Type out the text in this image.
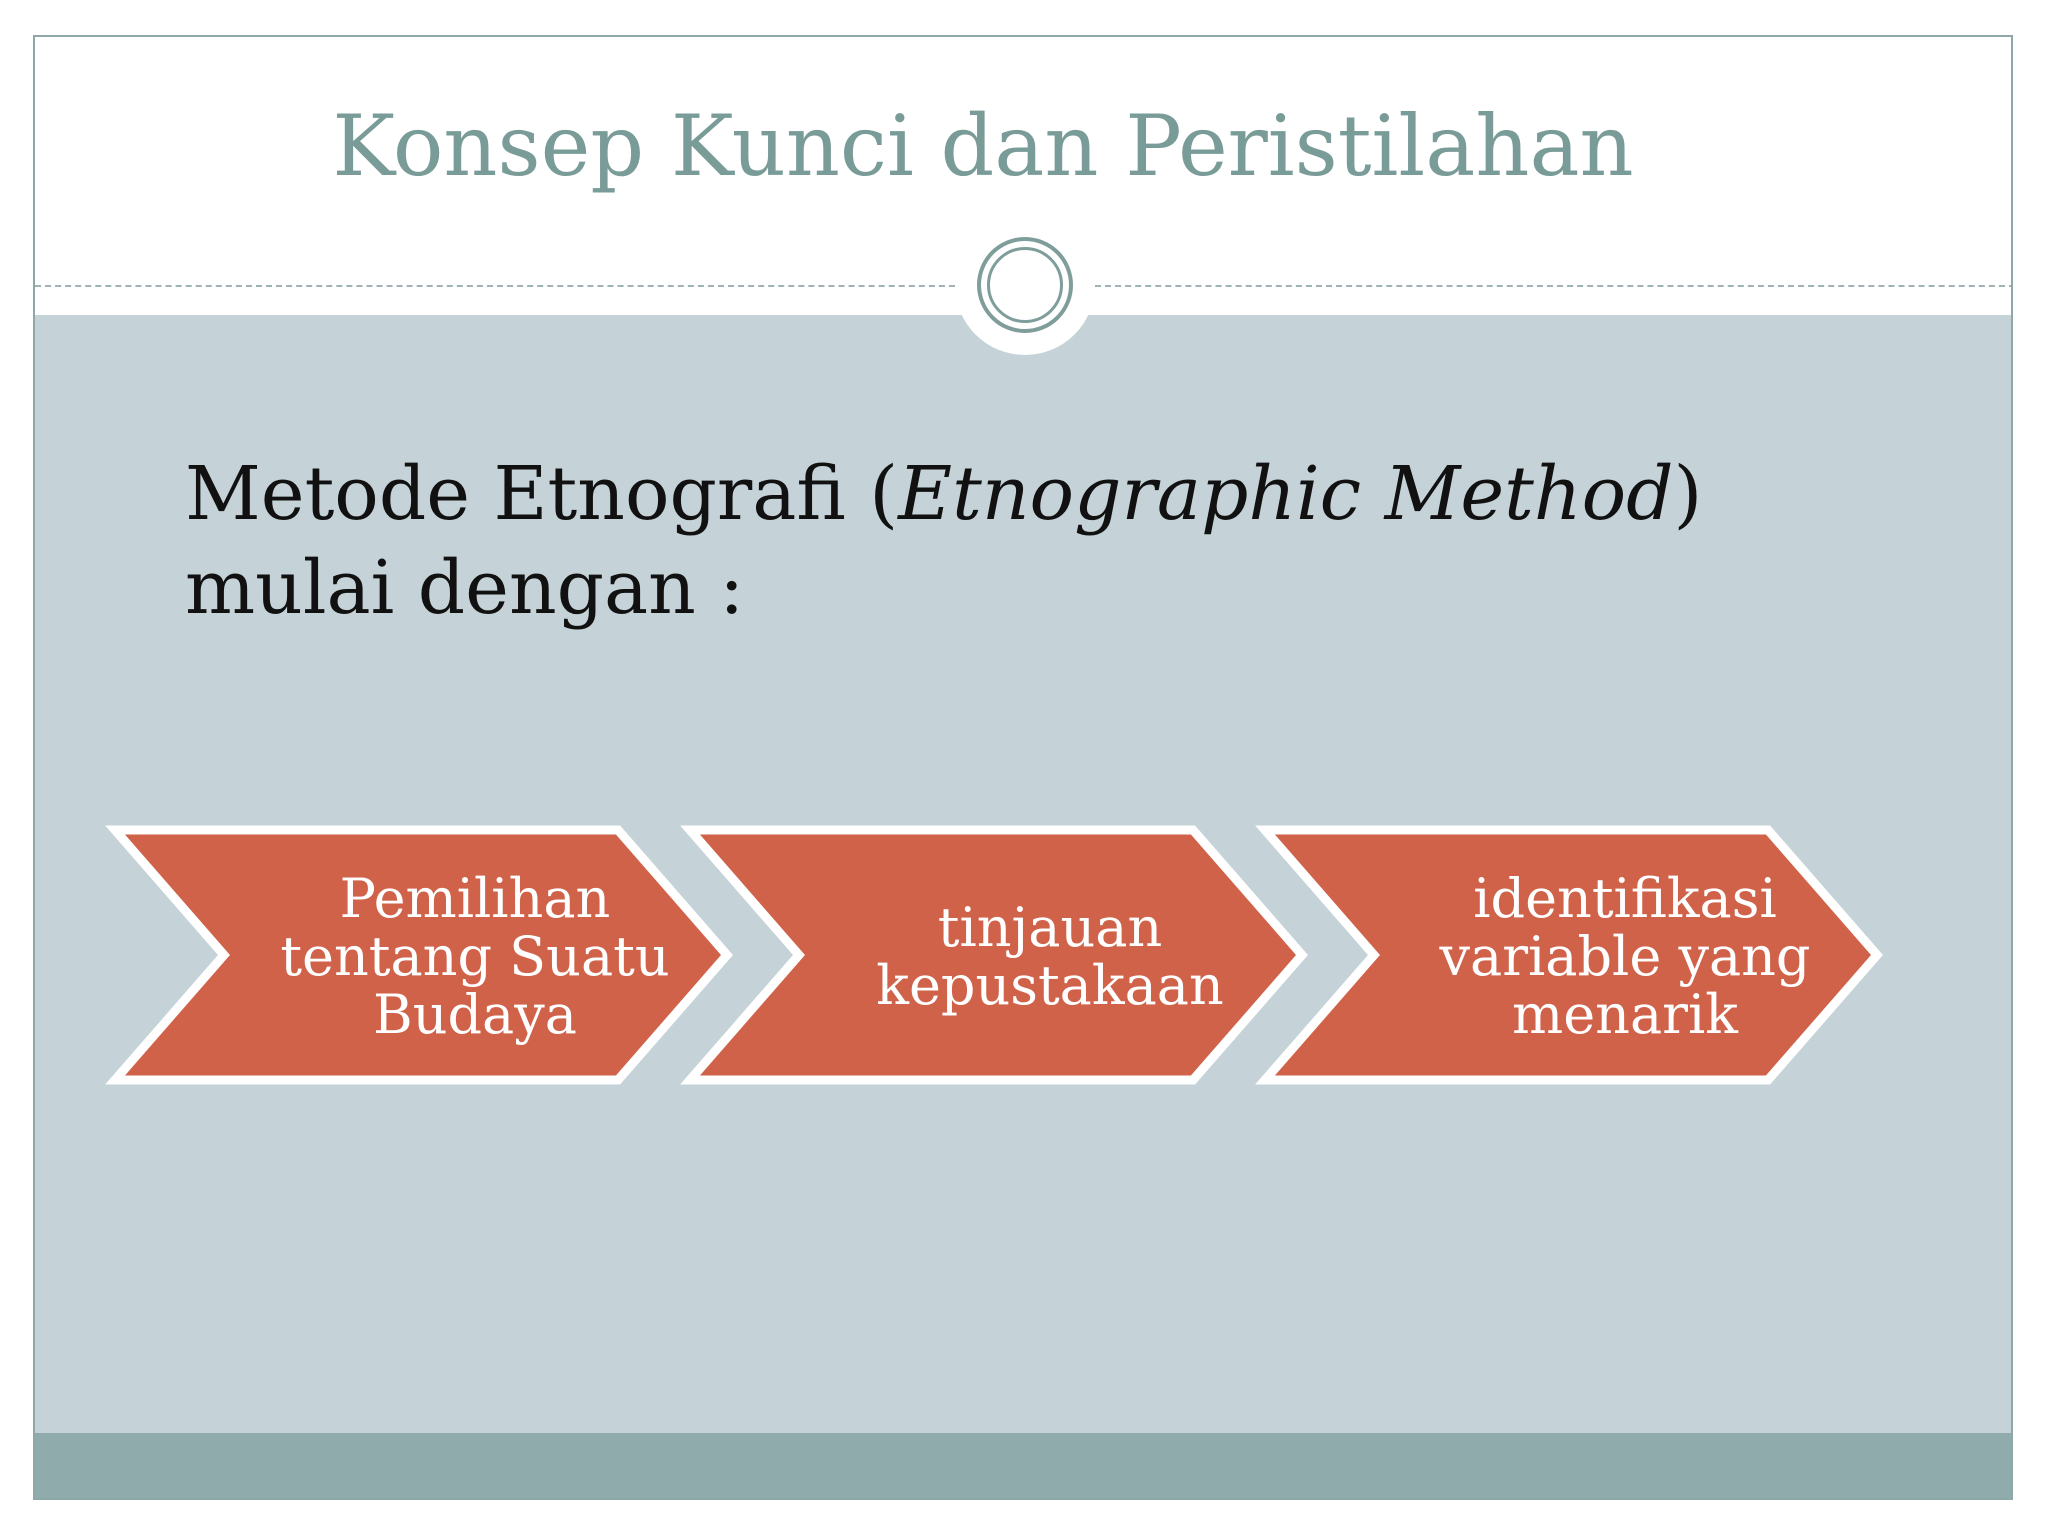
Konsep Kunci dan Peristilahan

Metode Etnografi (Etnographic Method)
mulai dengan :

Pemilihan tentang Suatu Budaya
tinjauan kepustakaan
identifikasi variable yang menarik
